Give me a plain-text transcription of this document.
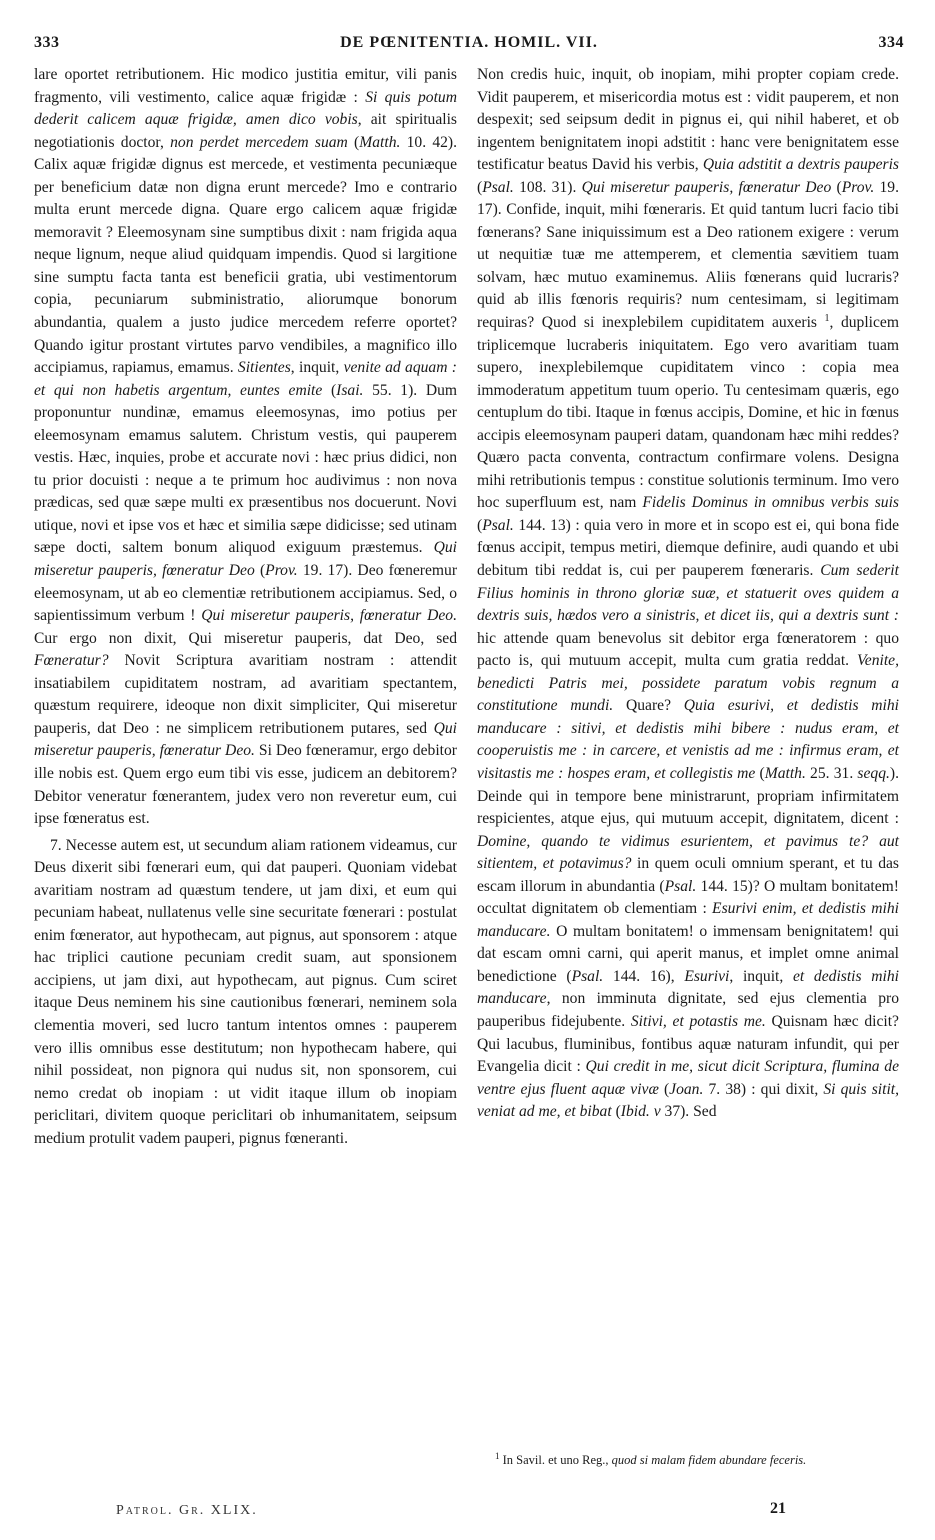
333	DE PŒNITENTIA. HOMIL. VII.	334

lare oportet retributionem. Hic modico justitia emitur, vili panis fragmento, vili vestimento, calice aquæ frigidæ : Si quis potum dederit calicem aquæ frigidæ, amen dico vobis, ait spiritualis negotiationis doctor, non perdet mercedem suam (Matth. 10. 42). Calix aquæ frigidæ dignus est mercede, et vestimenta pecuniæque per beneficium datæ non digna erunt mercede? Imo e contrario multa erunt mercede digna. Quare ergo calicem aquæ frigidæ memoravit ? Eleemosynam sine sumptibus dixit : nam frigida aqua neque lignum, neque aliud quidquam impendis. Quod si largitione sine sumptu facta tanta est beneficii gratia, ubi vestimentorum copia, pecuniarum subministratio, aliorumque bonorum abundantia, qualem a justo judice mercedem referre oportet? Quando igitur prostant virtutes parvo vendibiles, a magnifico illo accipiamus, rapiamus, emamus. Sitientes, inquit, venite ad aquam : et qui non habetis argentum, euntes emite (Isai. 55. 1). Dum proponuntur nundinæ, emamus eleemosynas, imo potius per eleemosynam emamus salutem. Christum vestis, qui pauperem vestis. Hæc, inquies, probe et accurate novi : hæc prius didici, non tu prior docuisti : neque a te primum hoc audivimus : non nova prædicas, sed quæ sæpe multi ex præsentibus nos docuerunt. Novi utique, novi et ipse vos et hæc et similia sæpe didicisse; sed utinam sæpe docti, saltem bonum aliquod exiguum præstemus. Qui miseretur pauperis, fœneratur Deo (Prov. 19. 17). Deo fœneremur eleemosynam, ut ab eo clementiæ retributionem accipiamus. Sed, o sapientissimum verbum ! Qui miseretur pauperis, fœneratur Deo. Cur ergo non dixit, Qui miseretur pauperis, dat Deo, sed Fœneratur? Novit Scriptura avaritiam nostram : attendit insatiabilem cupiditatem nostram, ad avaritiam spectantem, quæstum requirere, ideoque non dixit simpliciter, Qui miseretur pauperis, dat Deo : ne simplicem retributionem putares, sed Qui miseretur pauperis, fœneratur Deo. Si Deo fœneramur, ergo debitor ille nobis est. Quem ergo eum tibi vis esse, judicem an debitorem? Debitor veneratur fœnerantem, judex vero non reveretur eum, cui ipse fœneratus est.

7. Necesse autem est, ut secundum aliam rationem videamus, cur Deus dixerit sibi fœnerari eum, qui dat pauperi. Quoniam videbat avaritiam nostram ad quæstum tendere, ut jam dixi, et eum qui pecuniam habeat, nullatenus velle sine securitate fœnerari : postulat enim fœnerator, aut hypothecam, aut pignus, aut sponsorem : atque hac triplici cautione pecuniam credit suam, aut sponsionem accipiens, ut jam dixi, aut hypothecam, aut pignus. Cum sciret itaque Deus neminem his sine cautionibus fœnerari, neminem sola clementia moveri, sed lucro tantum intentos omnes : pauperem vero illis omnibus esse destitutum; non hypothecam habere, qui nihil possideat, non pignora qui nudus sit, non sponsorem, cui nemo credat ob inopiam : ut vidit itaque illum ob inopiam periclitari, divitem quoque periclitari ob inhumanitatem, seipsum medium protulit vadem pauperi, pignus fœneranti.

Non credis huic, inquit, ob inopiam, mihi propter copiam crede. Vidit pauperem, et misericordia motus est : vidit pauperem, et non despexit; sed seipsum dedit in pignus ei, qui nihil haberet, et ob ingentem benignitatem inopi adstitit : hanc vere benignitatem esse testificatur beatus David his verbis, Quia adstitit a dextris pauperis (Psal. 108. 31). Qui miseretur pauperis, fœneratur Deo (Prov. 19. 17). Confide, inquit, mihi fœneraris. Et quid tantum lucri facio tibi fœnerans? Sane iniquissimum est a Deo rationem exigere : verum ut nequitiæ tuæ me attemperem, et clementia sævitiem tuam solvam, hæc mutuo examinemus. Aliis fœnerans quid lucraris? quid ab illis fœnoris requiris? num centesimam, si legitimam requiras? Quod si inexplebilem cupiditatem auxeris $^1$, duplicem triplicemque lucraberis iniquitatem. Ego vero avaritiam tuam supero, inexplebilemque cupiditatem vinco : copia mea immoderatum appetitum tuum operio. Tu centesimam quæris, ego centuplum do tibi. Itaque in fœnus accipis, Domine, et hic in fœnus accipis eleemosynam pauperi datam, quandonam hæc mihi reddes? Quæro pacta conventa, contractum confirmare volens. Designa mihi retributionis tempus : constitue solutionis terminum. Imo vero hoc superfluum est, nam Fidelis Dominus in omnibus verbis suis (Psal. 144. 13) : quia vero in more et in scopo est ei, qui bona fide fœnus accipit, tempus metiri, diemque definire, audi quando et ubi debitum tibi reddat is, cui per pauperem fœneraris. Cum sederit Filius hominis in throno gloriæ suæ, et statuerit oves quidem a dextris suis, hædos vero a sinistris, et dicet iis, qui a dextris sunt : hic attende quam benevolus sit debitor erga fœneratorem : quo pacto is, qui mutuum accepit, multa cum gratia reddat. Venite, benedicti Patris mei, possidete paratum vobis regnum a constitutione mundi. Quare? Quia esurivi, et dedistis mihi manducare : sitivi, et dedistis mihi bibere : nudus eram, et cooperuistis me : in carcere, et venistis ad me : infirmus eram, et visitastis me : hospes eram, et collegistis me (Matth. 25. 31. seqq.). Deinde qui in tempore bene ministrarunt, propriam infirmitatem respicientes, atque ejus, qui mutuum accepit, dignitatem, dicent : Domine, quando te vidimus esurientem, et pavimus te? aut sitientem, et potavimus? in quem oculi omnium sperant, et tu das escam illorum in abundantia (Psal. 144. 15)? O multam bonitatem! occultat dignitatem ob clementiam : Esurivi enim, et dedistis mihi manducare. O multam bonitatem! o immensam benignitatem! qui dat escam omni carni, qui aperit manus, et implet omne animal benedictione (Psal. 144. 16), Esurivi, inquit, et dedistis mihi manducare, non imminuta dignitate, sed ejus clementia pro pauperibus fidejubente. Sitivi, et potastis me. Quisnam hæc dicit? Qui lacubus, fluminibus, fontibus aquæ naturam infundit, qui per Evangelia dicit : Qui credit in me, sicut dicit Scriptura, flumina de ventre ejus fluent aquæ vivæ (Joan. 7. 38) : qui dixit, Si quis sitit, veniat ad me, et bibat (Ibid. v 37). Sed

$^1$ In Savil. et uno Reg., quod si malam fidem abundare feceris.
Patrol. Gr. XLIX.	21
